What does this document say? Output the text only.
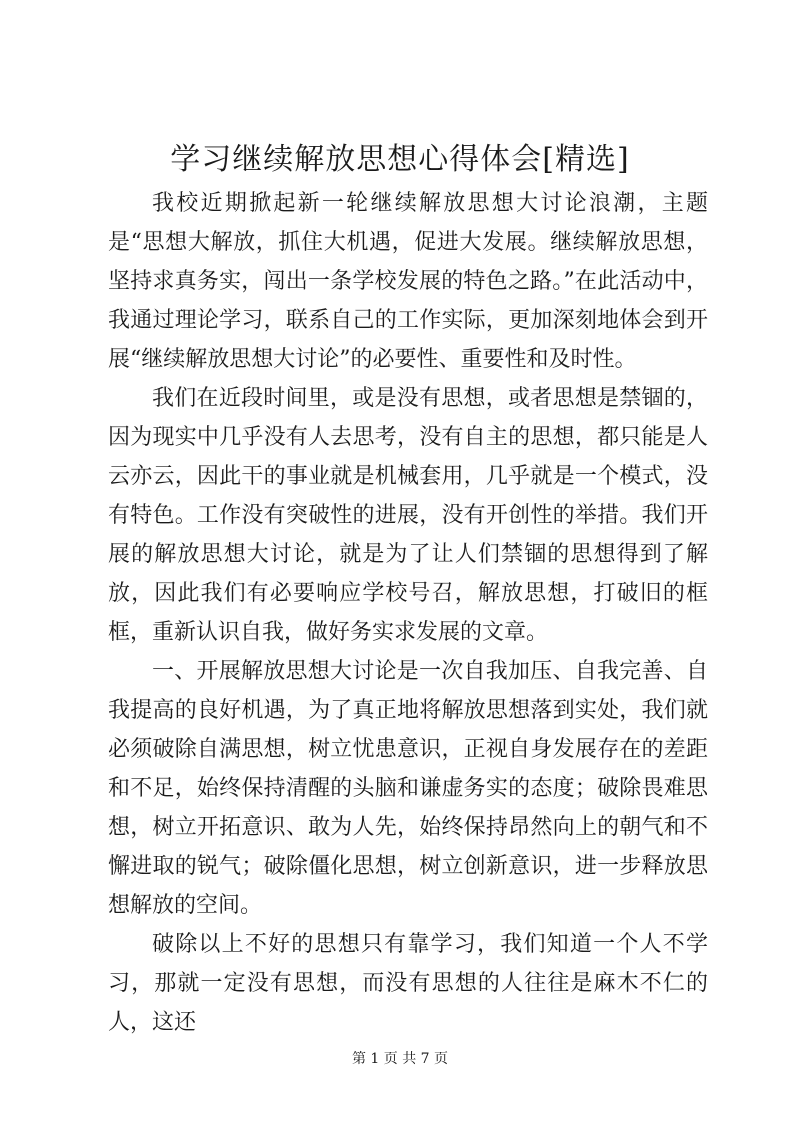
学习继续解放思想心得体会[精选]

我校近期掀起新一轮继续解放思想大讨论浪潮，主题是“思想大解放，抓住大机遇，促进大发展。继续解放思想，坚持求真务实，闯出一条学校发展的特色之路。”在此活动中，我通过理论学习，联系自己的工作实际，更加深刻地体会到开展“继续解放思想大讨论”的必要性、重要性和及时性。

我们在近段时间里，或是没有思想，或者思想是禁锢的，因为现实中几乎没有人去思考，没有自主的思想，都只能是人云亦云，因此干的事业就是机械套用，几乎就是一个模式，没有特色。工作没有突破性的进展，没有开创性的举措。我们开展的解放思想大讨论，就是为了让人们禁锢的思想得到了解放，因此我们有必要响应学校号召，解放思想，打破旧的框框，重新认识自我，做好务实求发展的文章。

一、开展解放思想大讨论是一次自我加压、自我完善、自我提高的良好机遇，为了真正地将解放思想落到实处，我们就必须破除自满思想，树立忧患意识，正视自身发展存在的差距和不足，始终保持清醒的头脑和谦虚务实的态度；破除畏难思想，树立开拓意识、敢为人先，始终保持昂然向上的朝气和不懈进取的锐气；破除僵化思想，树立创新意识，进一步释放思想解放的空间。

破除以上不好的思想只有靠学习，我们知道一个人不学习，那就一定没有思想，而没有思想的人往往是麻木不仁的人，这还

第 1 页 共 7 页
